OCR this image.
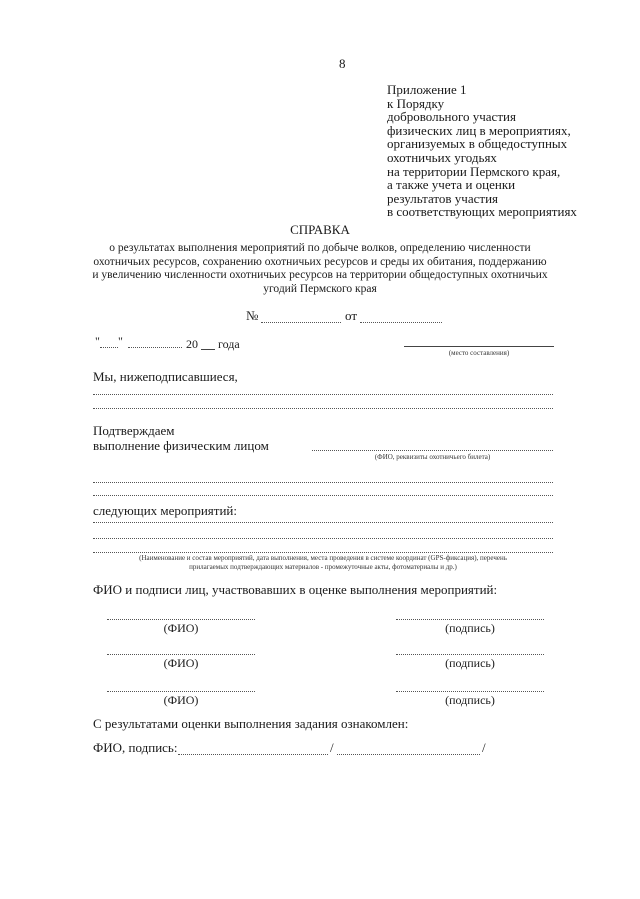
8
Приложение 1
к Порядку
добровольного участия
физических лиц в мероприятиях,
организуемых в общедоступных
охотничьих угодьях
на территории Пермского края,
а также учета и оценки
результатов участия
в соответствующих мероприятиях
СПРАВКА
о результатах выполнения мероприятий по добыче волков, определению численности
охотничьих ресурсов, сохранению охотничьих ресурсов и среды их обитания, поддержанию
и увеличению численности охотничьих ресурсов на территории общедоступных охотничьих
угодий Пермского края
№	от
" "	20 года
(место составления)
Мы, нижеподписавшиеся,
Подтверждаем
выполнение физическим лицом
(ФИО, реквизиты охотничьего билета)
следующих мероприятий:
(Наименование и состав мероприятий, дата выполнения, места проведения в системе координат (GPS-фиксация), перечень
прилагаемых подтверждающих материалов - промежуточные акты, фотоматериалы и др.)
ФИО и подписи лиц, участвовавших в оценке выполнения мероприятий:
(ФИО)	(подпись)
(ФИО)	(подпись)
(ФИО)	(подпись)
С результатами оценки выполнения задания ознакомлен:
ФИО, подпись:	/	/
